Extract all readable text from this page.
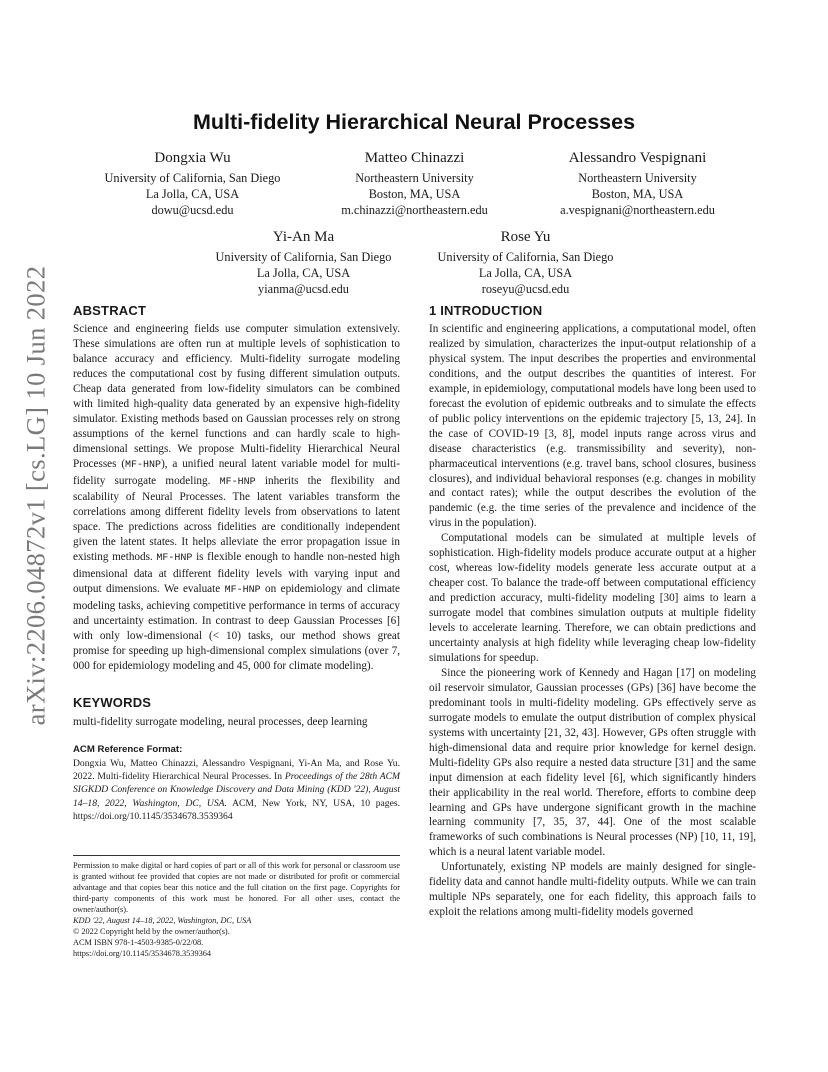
arXiv:2206.04872v1 [cs.LG] 10 Jun 2022
Multi-fidelity Hierarchical Neural Processes
Dongxia Wu
University of California, San Diego
La Jolla, CA, USA
dowu@ucsd.edu
Matteo Chinazzi
Northeastern University
Boston, MA, USA
m.chinazzi@northeastern.edu
Alessandro Vespignani
Northeastern University
Boston, MA, USA
a.vespignani@northeastern.edu
Yi-An Ma
University of California, San Diego
La Jolla, CA, USA
yianma@ucsd.edu
Rose Yu
University of California, San Diego
La Jolla, CA, USA
roseyu@ucsd.edu
ABSTRACT

Science and engineering fields use computer simulation extensively. These simulations are often run at multiple levels of sophistication to balance accuracy and efficiency. Multi-fidelity surrogate modeling reduces the computational cost by fusing different simulation outputs. Cheap data generated from low-fidelity simulators can be combined with limited high-quality data generated by an expensive high-fidelity simulator. Existing methods based on Gaussian processes rely on strong assumptions of the kernel functions and can hardly scale to high-dimensional settings. We propose Multi-fidelity Hierarchical Neural Processes (MF-HNP), a unified neural latent variable model for multi-fidelity surrogate modeling. MF-HNP inherits the flexibility and scalability of Neural Processes. The latent variables transform the correlations among different fidelity levels from observations to latent space. The predictions across fidelities are conditionally independent given the latent states. It helps alleviate the error propagation issue in existing methods. MF-HNP is flexible enough to handle non-nested high dimensional data at different fidelity levels with varying input and output dimensions. We evaluate MF-HNP on epidemiology and climate modeling tasks, achieving competitive performance in terms of accuracy and uncertainty estimation. In contrast to deep Gaussian Processes [6] with only low-dimensional (< 10) tasks, our method shows great promise for speeding up high-dimensional complex simulations (over 7, 000 for epidemiology modeling and 45, 000 for climate modeling).

KEYWORDS
multi-fidelity surrogate modeling, neural processes, deep learning
ACM Reference Format:
Dongxia Wu, Matteo Chinazzi, Alessandro Vespignani, Yi-An Ma, and Rose Yu. 2022. Multi-fidelity Hierarchical Neural Processes. In Proceedings of the 28th ACM SIGKDD Conference on Knowledge Discovery and Data Mining (KDD '22), August 14–18, 2022, Washington, DC, USA. ACM, New York, NY, USA, 10 pages. https://doi.org/10.1145/3534678.3539364
Permission to make digital or hard copies of part or all of this work for personal or classroom use is granted without fee provided that copies are not made or distributed for profit or commercial advantage and that copies bear this notice and the full citation on the first page. Copyrights for third-party components of this work must be honored. For all other uses, contact the owner/author(s).
KDD '22, August 14–18, 2022, Washington, DC, USA
© 2022 Copyright held by the owner/author(s).
ACM ISBN 978-1-4503-9385-0/22/08.
https://doi.org/10.1145/3534678.3539364
1 INTRODUCTION

In scientific and engineering applications, a computational model, often realized by simulation, characterizes the input-output relationship of a physical system. The input describes the properties and environmental conditions, and the output describes the quantities of interest. For example, in epidemiology, computational models have long been used to forecast the evolution of epidemic outbreaks and to simulate the effects of public policy interventions on the epidemic trajectory [5, 13, 24]. In the case of COVID-19 [3, 8], model inputs range across virus and disease characteristics (e.g. transmissibility and severity), non-pharmaceutical interventions (e.g. travel bans, school closures, business closures), and individual behavioral responses (e.g. changes in mobility and contact rates); while the output describes the evolution of the pandemic (e.g. the time series of the prevalence and incidence of the virus in the population).

Computational models can be simulated at multiple levels of sophistication. High-fidelity models produce accurate output at a higher cost, whereas low-fidelity models generate less accurate output at a cheaper cost. To balance the trade-off between computational efficiency and prediction accuracy, multi-fidelity modeling [30] aims to learn a surrogate model that combines simulation outputs at multiple fidelity levels to accelerate learning. Therefore, we can obtain predictions and uncertainty analysis at high fidelity while leveraging cheap low-fidelity simulations for speedup.

Since the pioneering work of Kennedy and Hagan [17] on modeling oil reservoir simulator, Gaussian processes (GPs) [36] have become the predominant tools in multi-fidelity modeling. GPs effectively serve as surrogate models to emulate the output distribution of complex physical systems with uncertainty [21, 32, 43]. However, GPs often struggle with high-dimensional data and require prior knowledge for kernel design. Multi-fidelity GPs also require a nested data structure [31] and the same input dimension at each fidelity level [6], which significantly hinders their applicability in the real world. Therefore, efforts to combine deep learning and GPs have undergone significant growth in the machine learning community [7, 35, 37, 44]. One of the most scalable frameworks of such combinations is Neural processes (NP) [10, 11, 19], which is a neural latent variable model.

Unfortunately, existing NP models are mainly designed for single-fidelity data and cannot handle multi-fidelity outputs. While we can train multiple NPs separately, one for each fidelity, this approach fails to exploit the relations among multi-fidelity models governed
